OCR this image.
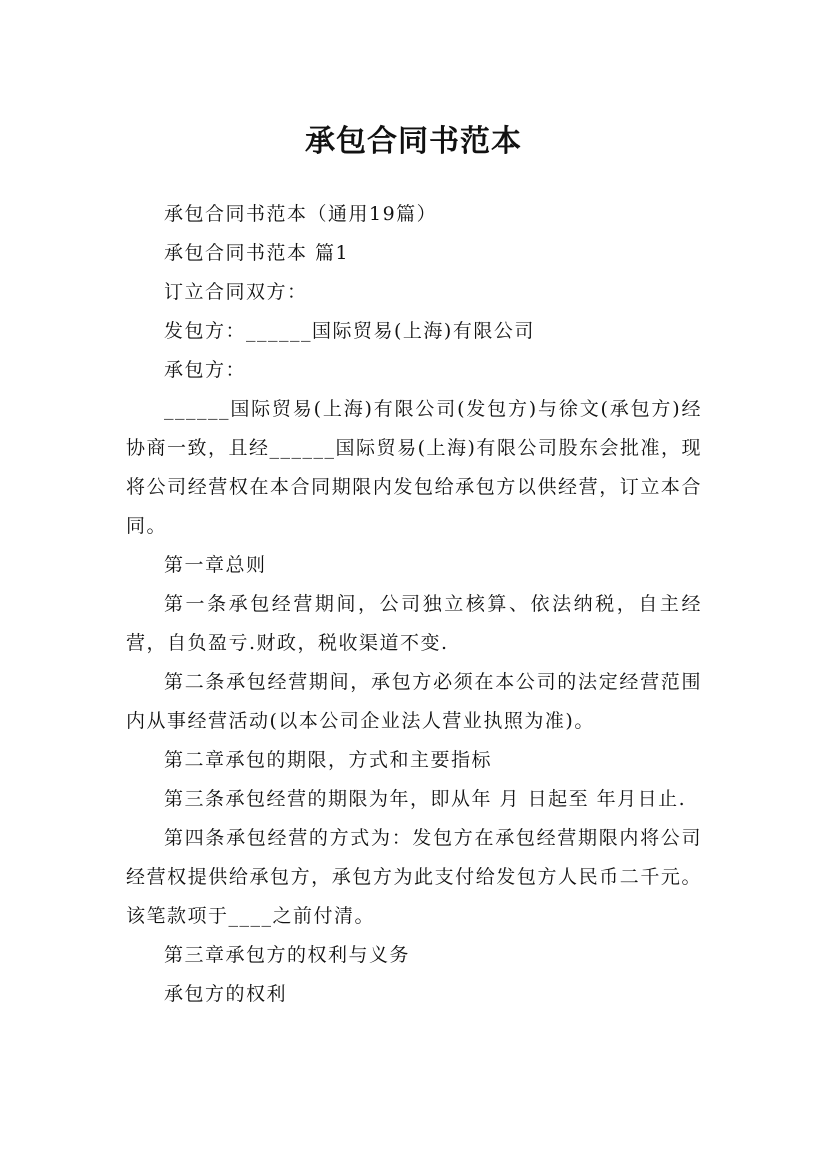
承包合同书范本

承包合同书范本（通用19篇）

承包合同书范本 篇1

订立合同双方：

发包方：______国际贸易(上海)有限公司

承包方：

______国际贸易(上海)有限公司(发包方)与徐文(承包方)经协商一致，且经______国际贸易(上海)有限公司股东会批准，现将公司经营权在本合同期限内发包给承包方以供经营，订立本合同。

第一章总则

第一条承包经营期间，公司独立核算、依法纳税，自主经营，自负盈亏.财政，税收渠道不变.

第二条承包经营期间，承包方必须在本公司的法定经营范围内从事经营活动(以本公司企业法人营业执照为准)。

第二章承包的期限，方式和主要指标

第三条承包经营的期限为年，即从年 月 日起至 年月日止.

第四条承包经营的方式为：发包方在承包经营期限内将公司经营权提供给承包方，承包方为此支付给发包方人民币二千元。该笔款项于____之前付清。

第三章承包方的权利与义务

承包方的权利
